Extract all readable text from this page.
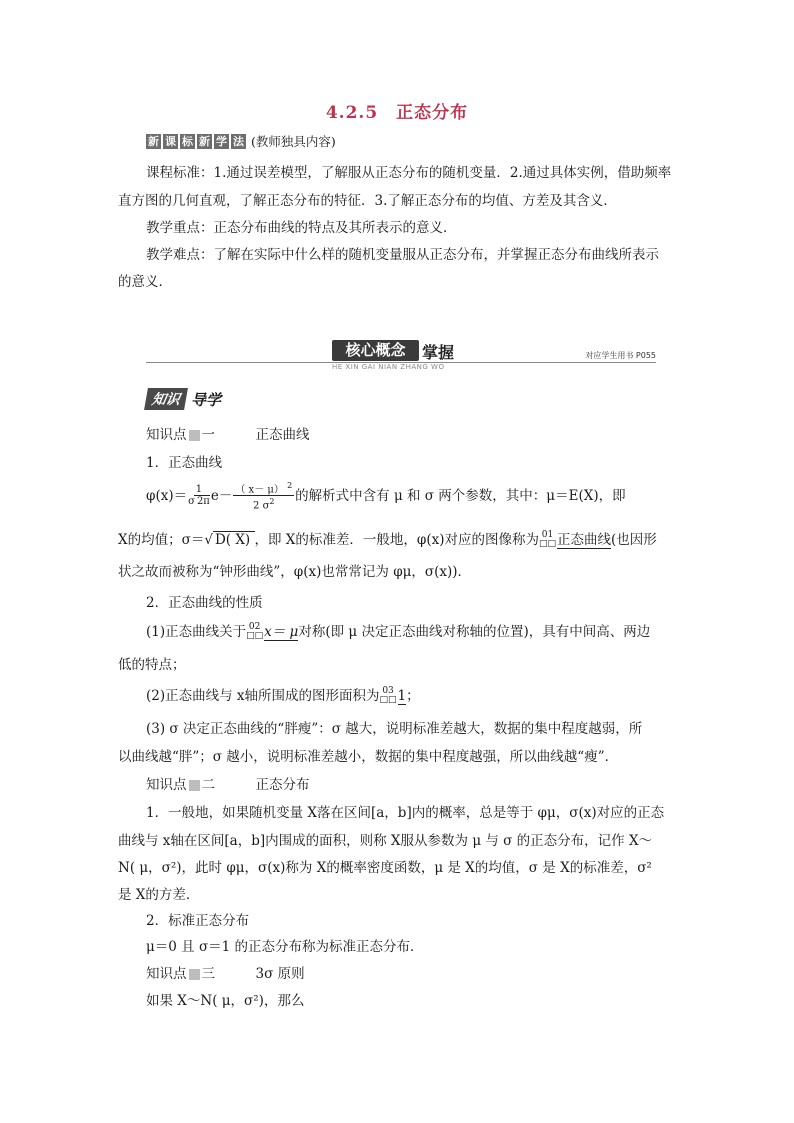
4.2.5　正态分布
新 课 标 新 学 法 (教师独具内容)
课程标准：1.通过误差模型，了解服从正态分布的随机变量．2.通过具体实例，借助频率
直方图的几何直观，了解正态分布的特征．3.了解正态分布的均值、方差及其含义．
教学重点：正态分布曲线的特点及其所表示的意义．
教学难点：了解在实际中什么样的随机变量服从正态分布，并掌握正态分布曲线所表示
的意义．
核心概念	掌握
HE XIN GAI NIAN ZHANG WO
对应学生用书 P055
知识 导学
知识点 一　　　正态曲线
1．正态曲线
$\varphi(x)= \frac{1}{\sigma 2\pi}$ $e - \frac{( x- \mu) ^2}{2 \sigma^2}$ 的解析式中含有 μ 和 σ 两个参数，其中：μ＝E(X)，即
X的均值；σ＝√ D( X) ，即 X的标准差．一般地，φ(x)对应的图像称为 01
□□ 正态曲线(也因形
状之故而被称为“钟形曲线”，φ(x)也常常记为 φμ，σ(x))．
2．正态曲线的性质
(1)正态曲线关于 02
□□ x＝ μ对称(即 μ 决定正态曲线对称轴的位置)，具有中间高、两边
低的特点；
(2)正态曲线与 x轴所围成的图形面积为 03
□□ 1；
(3) σ 决定正态曲线的“胖瘦”：σ 越大，说明标准差越大，数据的集中程度越弱，所
以曲线越“胖”；σ 越小，说明标准差越小，数据的集中程度越强，所以曲线越“瘦”．
知识点 二　　　正态分布
1．一般地，如果随机变量 X落在区间[a，b]内的概率，总是等于 φμ，σ(x)对应的正态
曲线与 x轴在区间[a，b]内围成的面积，则称 X服从参数为 μ 与 σ 的正态分布，记作 X～
N( μ，σ²)，此时 φμ，σ(x)称为 X的概率密度函数，μ 是 X的均值，σ 是 X的标准差，σ²
是 X的方差．
2．标准正态分布
μ＝0 且 σ＝1 的正态分布称为标准正态分布．
知识点 三　　　3σ 原则
如果 X～N( μ，σ²)，那么
